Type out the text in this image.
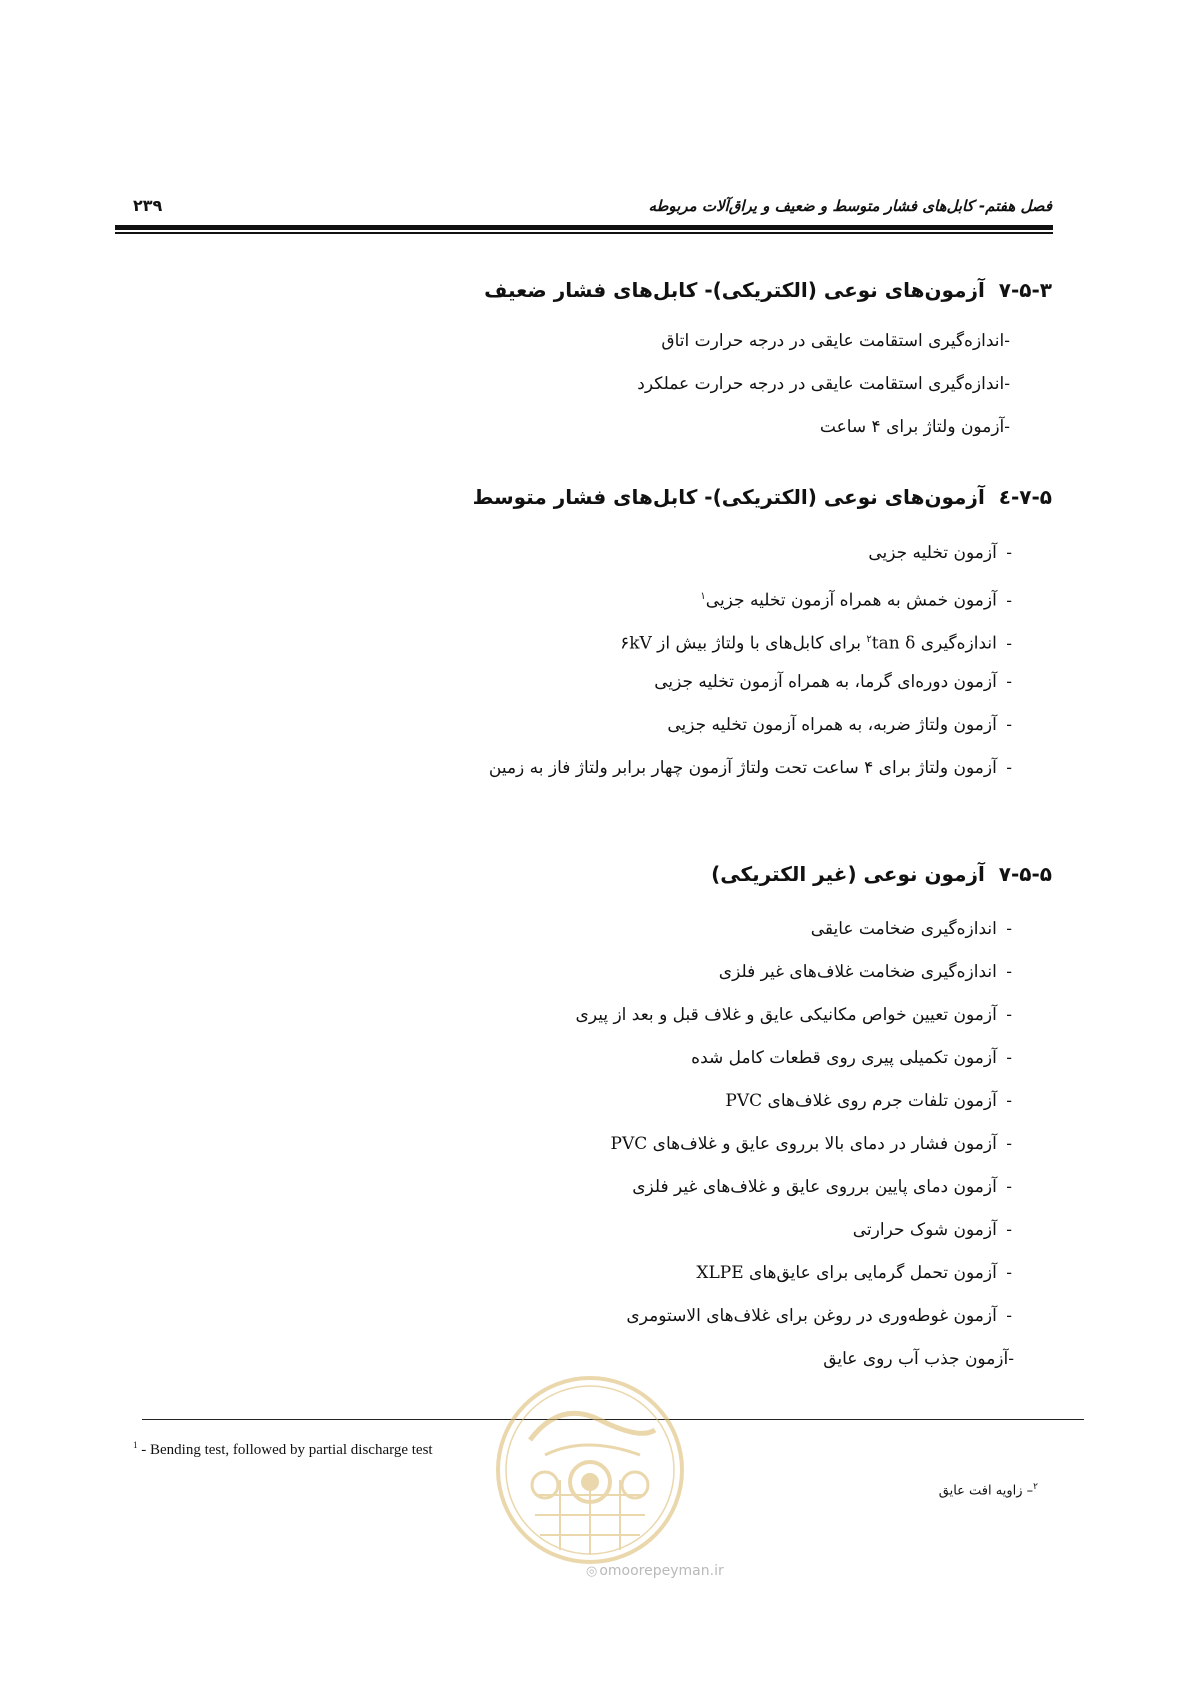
فصل هفتم- کابل‌های فشار متوسط و ضعیف و یراق‌آلات مربوطه
۲۳۹
۷-۵-۳  آزمون‌های نوعی (الکتریکی)- کابل‌های فشار ضعیف
-اندازه‌گیری استقامت عایقی در درجه حرارت اتاق
-اندازه‌گیری استقامت عایقی در درجه حرارت عملکرد
-آزمون ولتاژ برای ۴ ساعت
۷-۵-٤  آزمون‌های نوعی (الکتریکی)- کابل‌های فشار متوسط
- آزمون تخلیه جزیی
- آزمون خمش به همراه آزمون تخلیه جزیی$^۱$
- اندازه‌گیری tan δ$^۲$ برای کابل‌های با ولتاژ بیش از ۶kV
- آزمون دوره‌ای گرما، به همراه آزمون تخلیه جزیی
- آزمون ولتاژ ضربه، به همراه آزمون تخلیه جزیی
- آزمون ولتاژ برای ۴ ساعت تحت ولتاژ آزمون چهار برابر ولتاژ فاز به زمین
۷-۵-۵  آزمون نوعی (غیر الکتریکی)
- اندازه‌گیری ضخامت عایقی
- اندازه‌گیری ضخامت غلاف‌های غیر فلزی
- آزمون تعیین خواص مکانیکی عایق و غلاف قبل و بعد از پیری
- آزمون تکمیلی پیری روی قطعات کامل شده
- آزمون تلفات جرم روی غلاف‌های PVC
- آزمون فشار در دمای بالا برروی عایق و غلاف‌های PVC
- آزمون دمای پایین برروی عایق و غلاف‌های غیر فلزی
- آزمون شوک حرارتی
- آزمون تحمل گرمایی برای عایق‌های XLPE
- آزمون غوطه‌وری در روغن برای غلاف‌های الاستومری
-آزمون جذب آب روی عایق
$^1$ - Bending test, followed by partial discharge test
$^۲$– زاویه افت عایق
◎ omoorepeyman.ir
